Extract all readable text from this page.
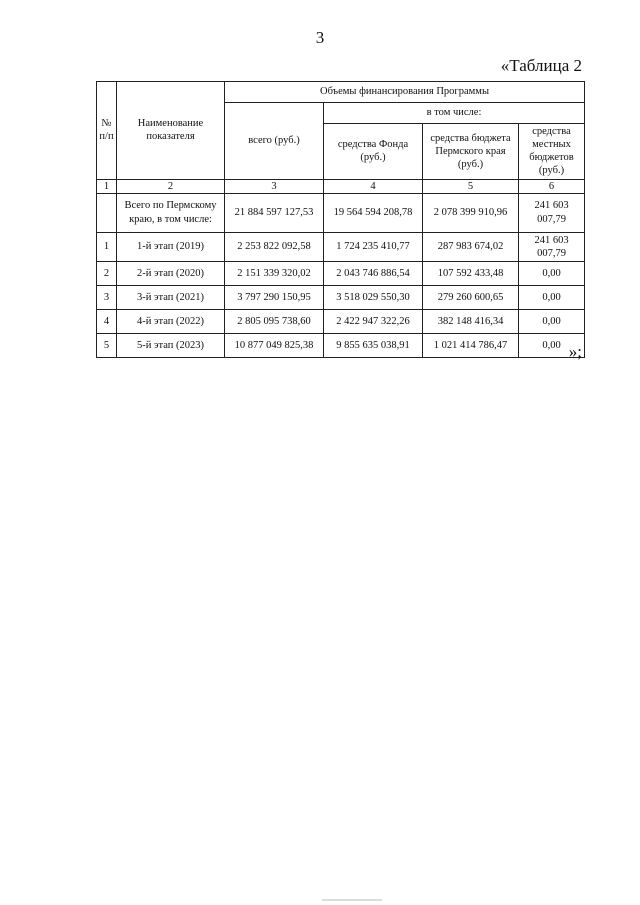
3
«Таблица 2
№ п/п	Наименование показателя	Объемы финансирования Программы			
		всего (руб.)	в том числе:		
			средства Фонда (руб.)	средства бюджета Пермского края (руб.)	средства местных бюджетов (руб.)
1	2	3	4	5	6
	Всего по Пермскому краю, в том числе:	21 884 597 127,53	19 564 594 208,78	2 078 399 910,96	241 603 007,79
1	1-й этап (2019)	2 253 822 092,58	1 724 235 410,77	287 983 674,02	241 603 007,79
2	2-й этап (2020)	2 151 339 320,02	2 043 746 886,54	107 592 433,48	0,00
3	3-й этап (2021)	3 797 290 150,95	3 518 029 550,30	279 260 600,65	0,00
4	4-й этап (2022)	2 805 095 738,60	2 422 947 322,26	382 148 416,34	0,00
5	5-й этап (2023)	10 877 049 825,38	9 855 635 038,91	1 021 414 786,47	0,00 »;
